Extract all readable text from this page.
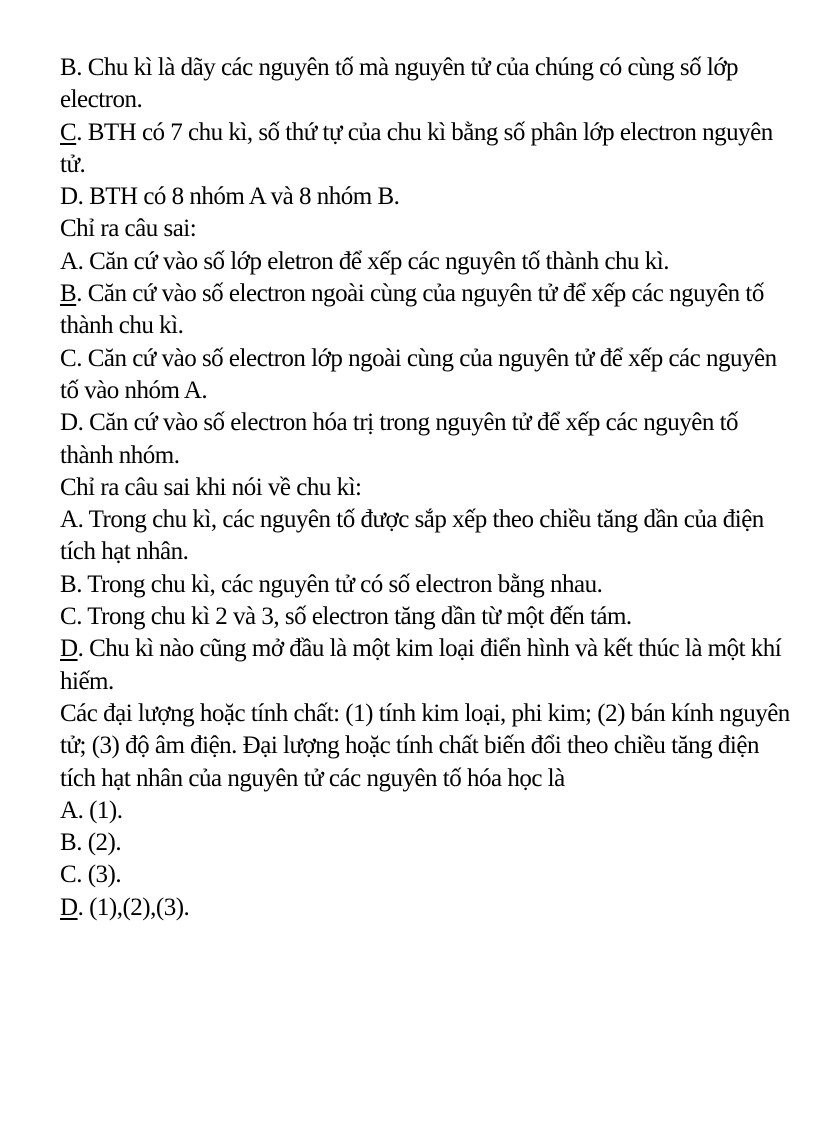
B. Chu kì là dãy các nguyên tố mà nguyên tử của chúng có cùng số lớp electron.
C. BTH có 7 chu kì, số thứ tự của chu kì bằng số phân lớp electron nguyên tử.
D. BTH có 8 nhóm A và 8 nhóm B.
Chỉ ra câu sai:
A. Căn cứ vào số lớp eletron để xếp các nguyên tố thành chu kì.
B. Căn cứ vào số electron ngoài cùng của nguyên tử để xếp các nguyên tố thành chu kì.
C. Căn cứ vào số electron lớp ngoài cùng của nguyên tử để xếp các nguyên tố vào nhóm A.
D. Căn cứ vào số electron hóa trị trong nguyên tử để xếp các nguyên tố thành nhóm.
Chỉ ra câu sai khi nói về chu kì:
A. Trong chu kì, các nguyên tố được sắp xếp theo chiều tăng dần của điện tích hạt nhân.
B. Trong chu kì, các nguyên tử có số electron bằng nhau.
C. Trong chu kì 2 và 3, số electron tăng dần từ một đến tám.
D. Chu kì nào cũng mở đầu là một kim loại điển hình và kết thúc là một khí hiếm.
Các đại lượng hoặc tính chất: (1) tính kim loại, phi kim; (2) bán kính nguyên tử; (3) độ âm điện. Đại lượng hoặc tính chất biến đổi theo chiều tăng điện tích hạt nhân của nguyên tử các nguyên tố hóa học là
A. (1).
B. (2).
C. (3).
D. (1),(2),(3).
